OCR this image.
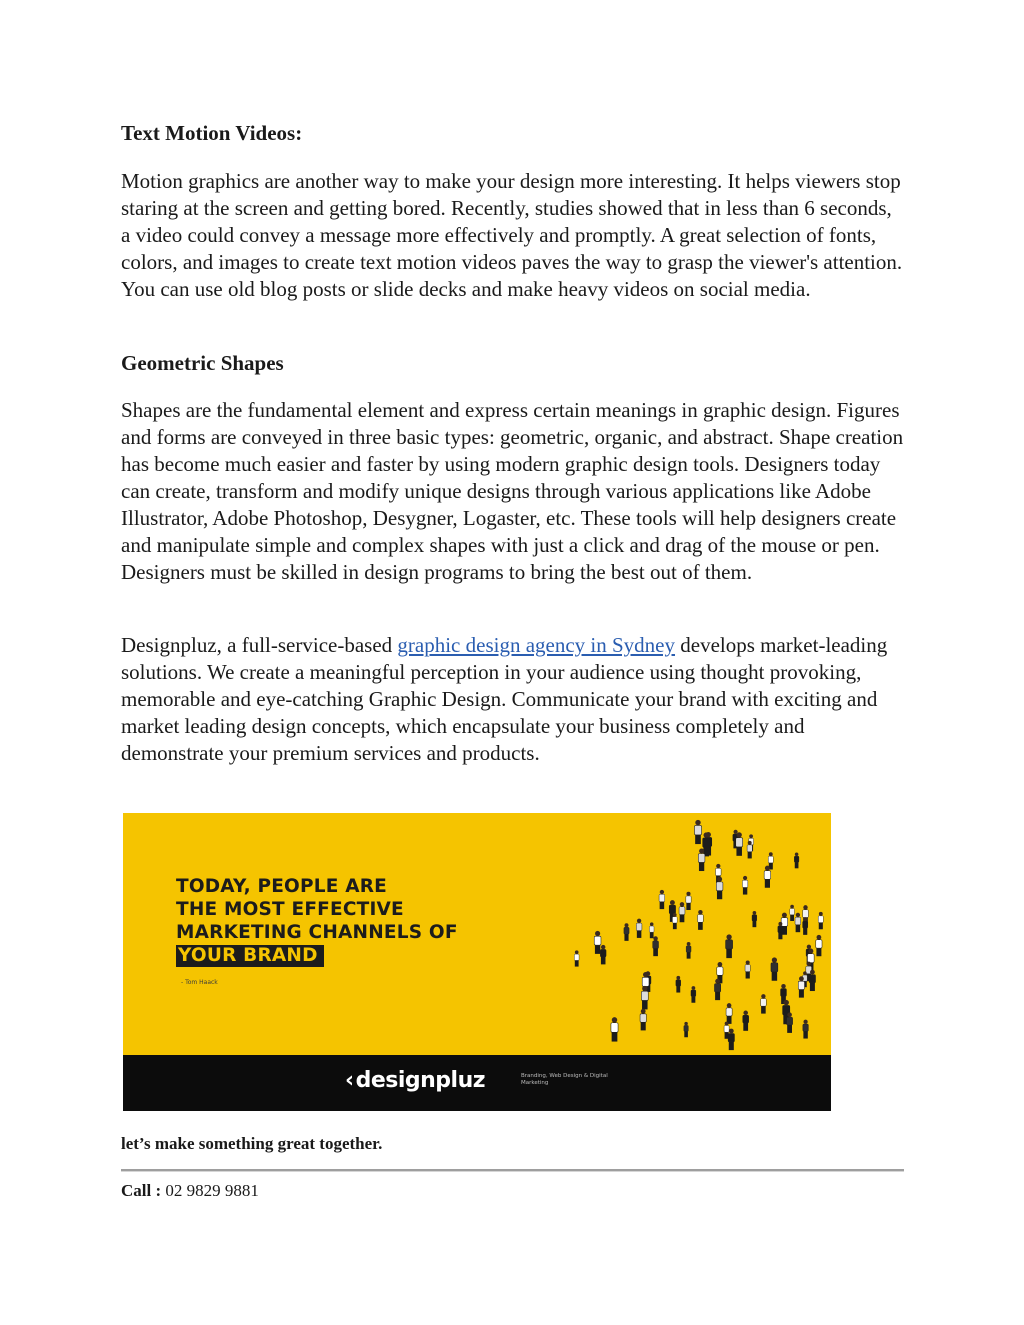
Text Motion Videos:

Motion graphics are another way to make your design more interesting. It helps viewers stop staring at the screen and getting bored. Recently, studies showed that in less than 6 seconds, a video could convey a message more effectively and promptly. A great selection of fonts, colors, and images to create text motion videos paves the way to grasp the viewer's attention. You can use old blog posts or slide decks and make heavy videos on social media.

Geometric Shapes

Shapes are the fundamental element and express certain meanings in graphic design. Figures and forms are conveyed in three basic types: geometric, organic, and abstract. Shape creation has become much easier and faster by using modern graphic design tools. Designers today can create, transform and modify unique designs through various applications like Adobe Illustrator, Adobe Photoshop, Desygner, Logaster, etc. These tools will help designers create and manipulate simple and complex shapes with just a click and drag of the mouse or pen. Designers must be skilled in design programs to bring the best out of them.

Designpluz, a full-service-based graphic design agency in Sydney develops market-leading solutions. We create a meaningful perception in your audience using thought provoking, memorable and eye-catching Graphic Design. Communicate your brand with exciting and market leading design concepts, which encapsulate your business completely and demonstrate your premium services and products.

TODAY, PEOPLE ARE
THE MOST EFFECTIVE
MARKETING CHANNELS OF
YOUR BRAND
- Tom Haack
‹designpluz	Branding, Web Design & Digital Marketing

let’s make something great together.

Call : 02 9829 9881
